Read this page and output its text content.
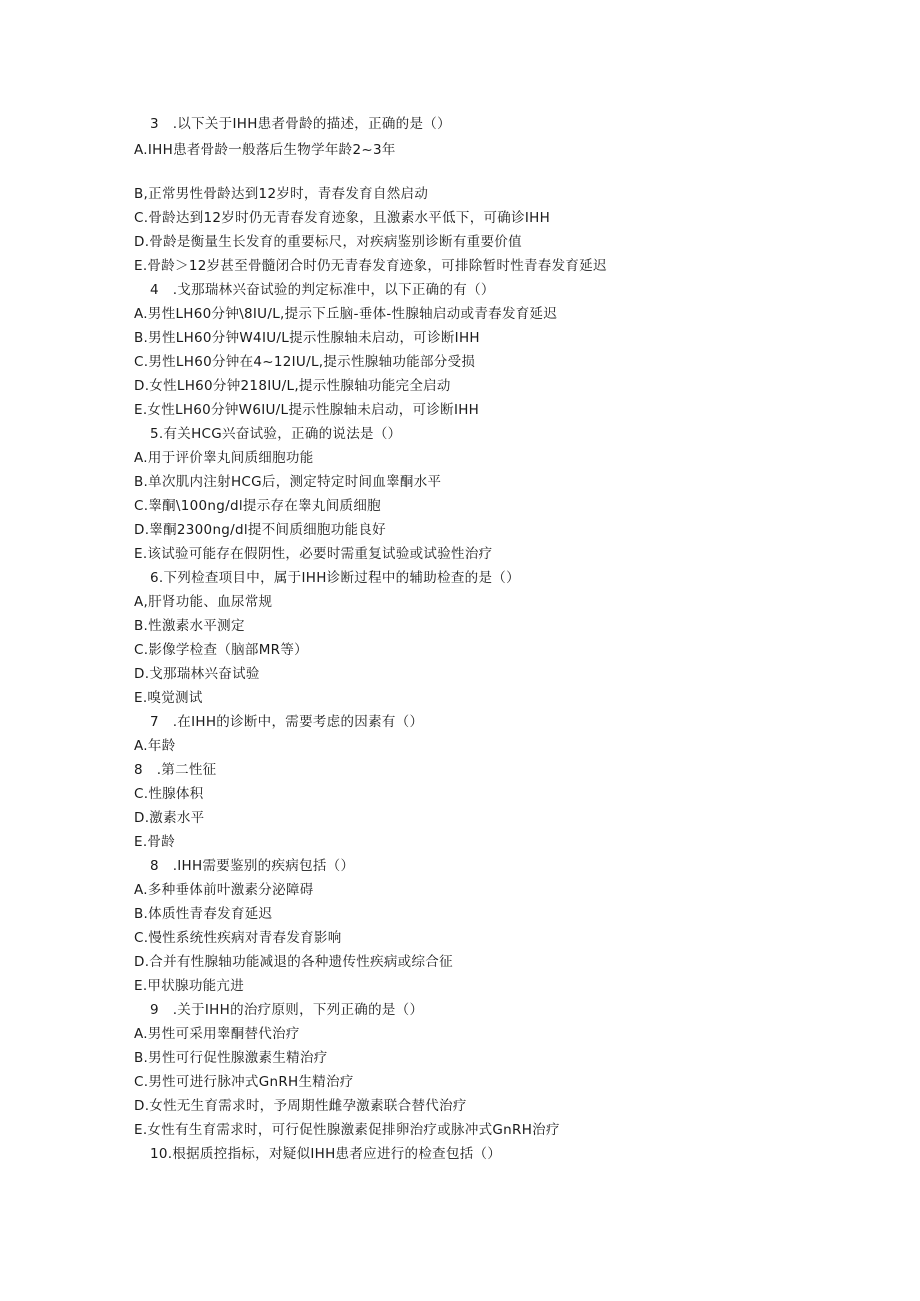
3　.以下关于IHH患者骨龄的描述，正确的是（）
A.IHH患者骨龄一般落后生物学年龄2~3年
B,正常男性骨龄达到12岁时，青春发育自然启动
C.骨龄达到12岁时仍无青春发育迹象，且激素水平低下，可确诊IHH
D.骨龄是衡量生长发育的重要标尺，对疾病鉴别诊断有重要价值
E.骨龄＞12岁甚至骨髓闭合时仍无青春发育迹象，可排除暂时性青春发育延迟
4　.戈那瑞林兴奋试验的判定标准中，以下正确的有（）
A.男性LH60分钟\8IU/L,提示下丘脑-垂体-性腺轴启动或青春发育延迟
B.男性LH60分钟W4IU/L提示性腺轴未启动，可诊断IHH
C.男性LH60分钟在4~12IU/L,提示性腺轴功能部分受损
D.女性LH60分钟218IU/L,提示性腺轴功能完全启动
E.女性LH60分钟W6IU/L提示性腺轴未启动，可诊断IHH
5.有关HCG兴奋试验，正确的说法是（）
A.用于评价睾丸间质细胞功能
B.单次肌内注射HCG后，测定特定时间血睾酮水平
C.睾酮\100ng/dl提示存在睾丸间质细胞
D.睾酮2300ng/dl提不间质细胞功能良好
E.该试验可能存在假阴性，必要时需重复试验或试验性治疗
6.下列检查项目中，属于IHH诊断过程中的辅助检查的是（）
A,肝肾功能、血尿常规
B.性激素水平测定
C.影像学检查（脑部MR等）
D.戈那瑞林兴奋试验
E.嗅觉测试
7　.在IHH的诊断中，需要考虑的因素有（）
A.年龄
8　.第二性征
C.性腺体积
D.激素水平
E.骨龄
8　.IHH需要鉴别的疾病包括（）
A.多种垂体前叶激素分泌障碍
B.体质性青春发育延迟
C.慢性系统性疾病对青春发育影响
D.合并有性腺轴功能减退的各种遗传性疾病或综合征
E.甲状腺功能亢进
9　.关于IHH的治疗原则，下列正确的是（）
A.男性可采用睾酮替代治疗
B.男性可行促性腺激素生精治疗
C.男性可进行脉冲式GnRH生精治疗
D.女性无生育需求时，予周期性雌孕激素联合替代治疗
E.女性有生育需求时，可行促性腺激素促排卵治疗或脉冲式GnRH治疗
10.根据质控指标，对疑似IHH患者应进行的检查包括（）
